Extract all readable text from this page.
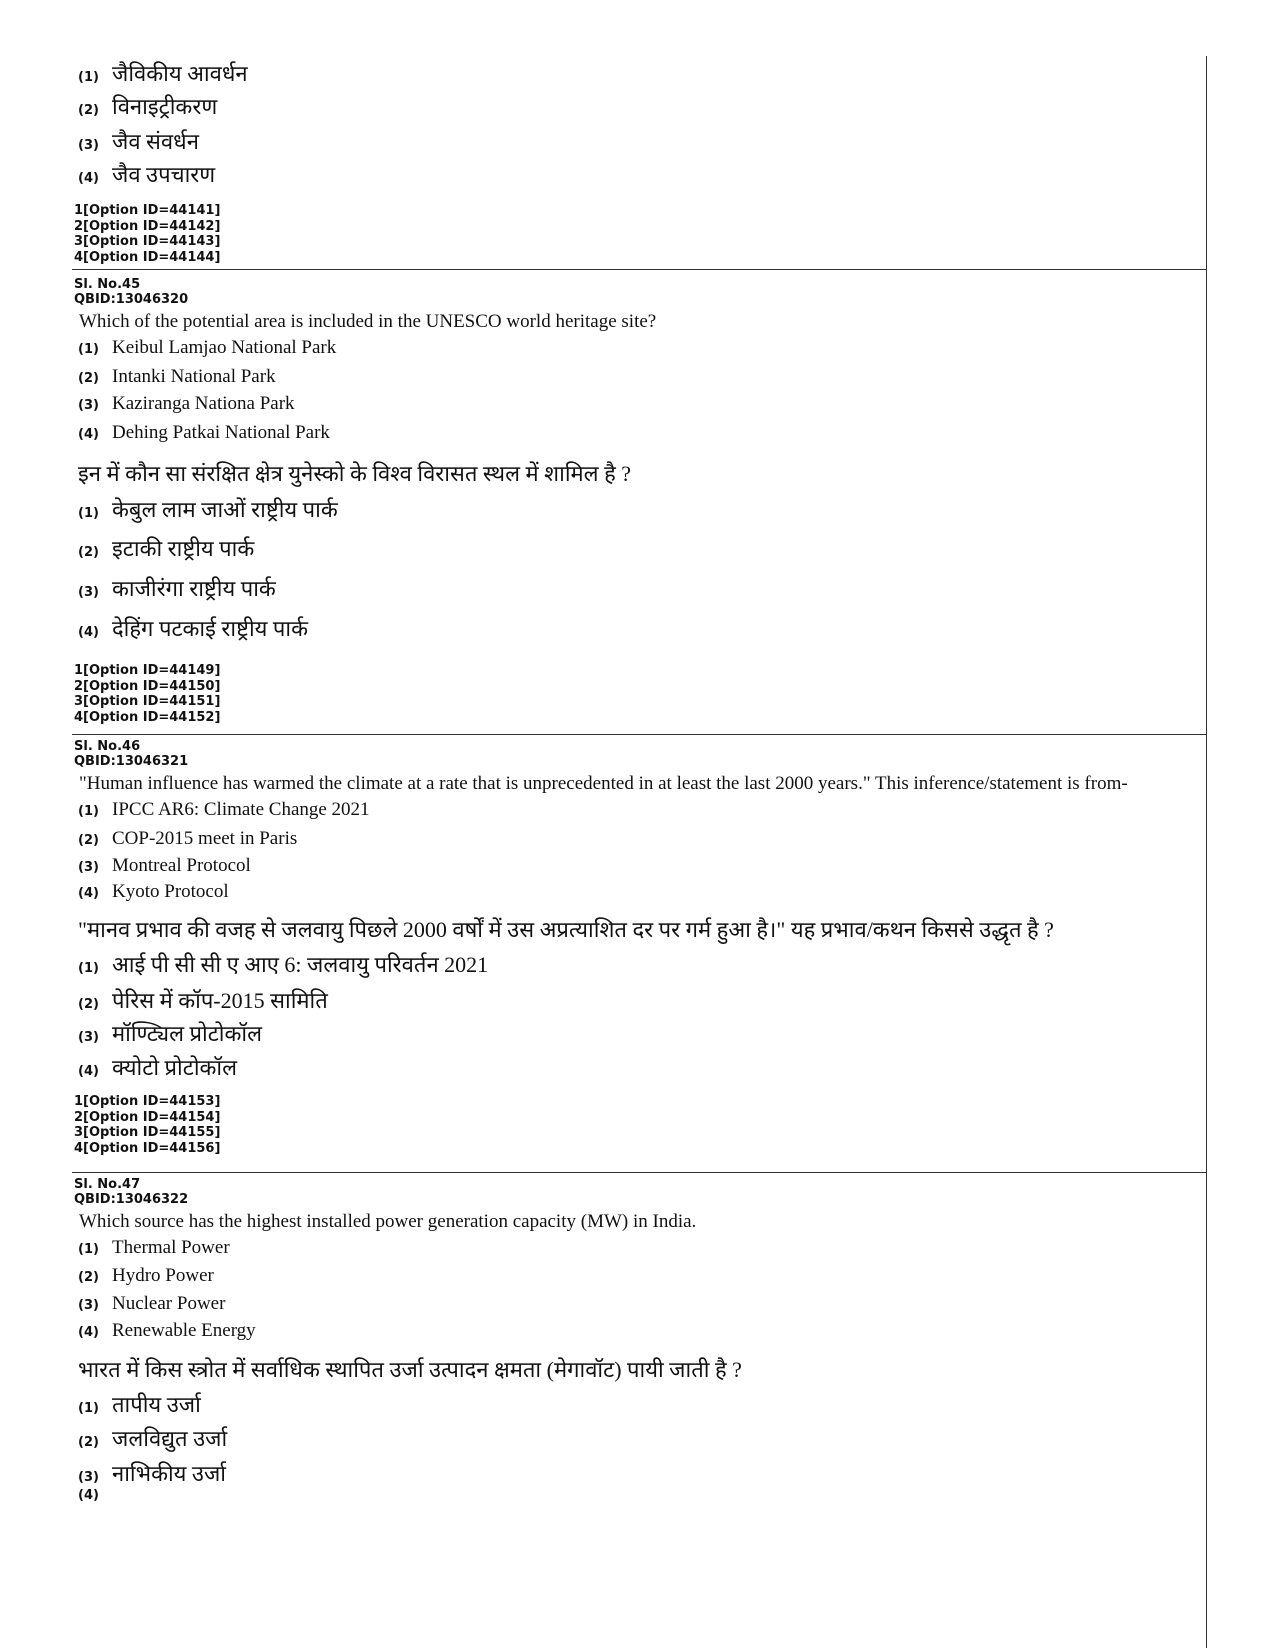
(1) जैविकीय आवर्धन
(2) विनाइट्रीकरण
(3) जैव संवर्धन
(4) जैव उपचारण
1[Option ID=44141]
2[Option ID=44142]
3[Option ID=44143]
4[Option ID=44144]
Sl. No.45
QBID:13046320
Which of the potential area is included in the UNESCO world heritage site?
(1) Keibul Lamjao National Park
(2) Intanki National Park
(3) Kaziranga Nationa Park
(4) Dehing Patkai National Park
इन में कौन सा संरक्षित क्षेत्र युनेस्को के विश्व विरासत स्थल में शामिल है ?
(1) केबुल लाम जाओं राष्ट्रीय पार्क
(2) इटाकी राष्ट्रीय पार्क
(3) काजीरंगा राष्ट्रीय पार्क
(4) देहिंग पटकाई राष्ट्रीय पार्क
1[Option ID=44149]
2[Option ID=44150]
3[Option ID=44151]
4[Option ID=44152]
Sl. No.46
QBID:13046321
"Human influence has warmed the climate at a rate that is unprecedented in at least the last 2000 years." This inference/statement is from-
(1) IPCC AR6: Climate Change 2021
(2) COP-2015 meet in Paris
(3) Montreal Protocol
(4) Kyoto Protocol
"मानव प्रभाव की वजह से जलवायु पिछले 2000 वर्षों में उस अप्रत्याशित दर पर गर्म हुआ है।" यह प्रभाव/कथन किससे उद्धृत है ?
(1) आई पी सी सी ए आए 6: जलवायु परिवर्तन 2021
(2) पेरिस में कॉप-2015 सामिति
(3) मॉण्ट्यिल प्रोटोकॉल
(4) क्योटो प्रोटोकॉल
1[Option ID=44153]
2[Option ID=44154]
3[Option ID=44155]
4[Option ID=44156]
Sl. No.47
QBID:13046322
Which source has the highest installed power generation capacity (MW) in India.
(1) Thermal Power
(2) Hydro Power
(3) Nuclear Power
(4) Renewable Energy
भारत में किस स्त्रोत में सर्वाधिक स्थापित उर्जा उत्पादन क्षमता (मेगावॉट) पायी जाती है ?
(1) तापीय उर्जा
(2) जलविद्युत उर्जा
(3) नाभिकीय उर्जा
(4)
